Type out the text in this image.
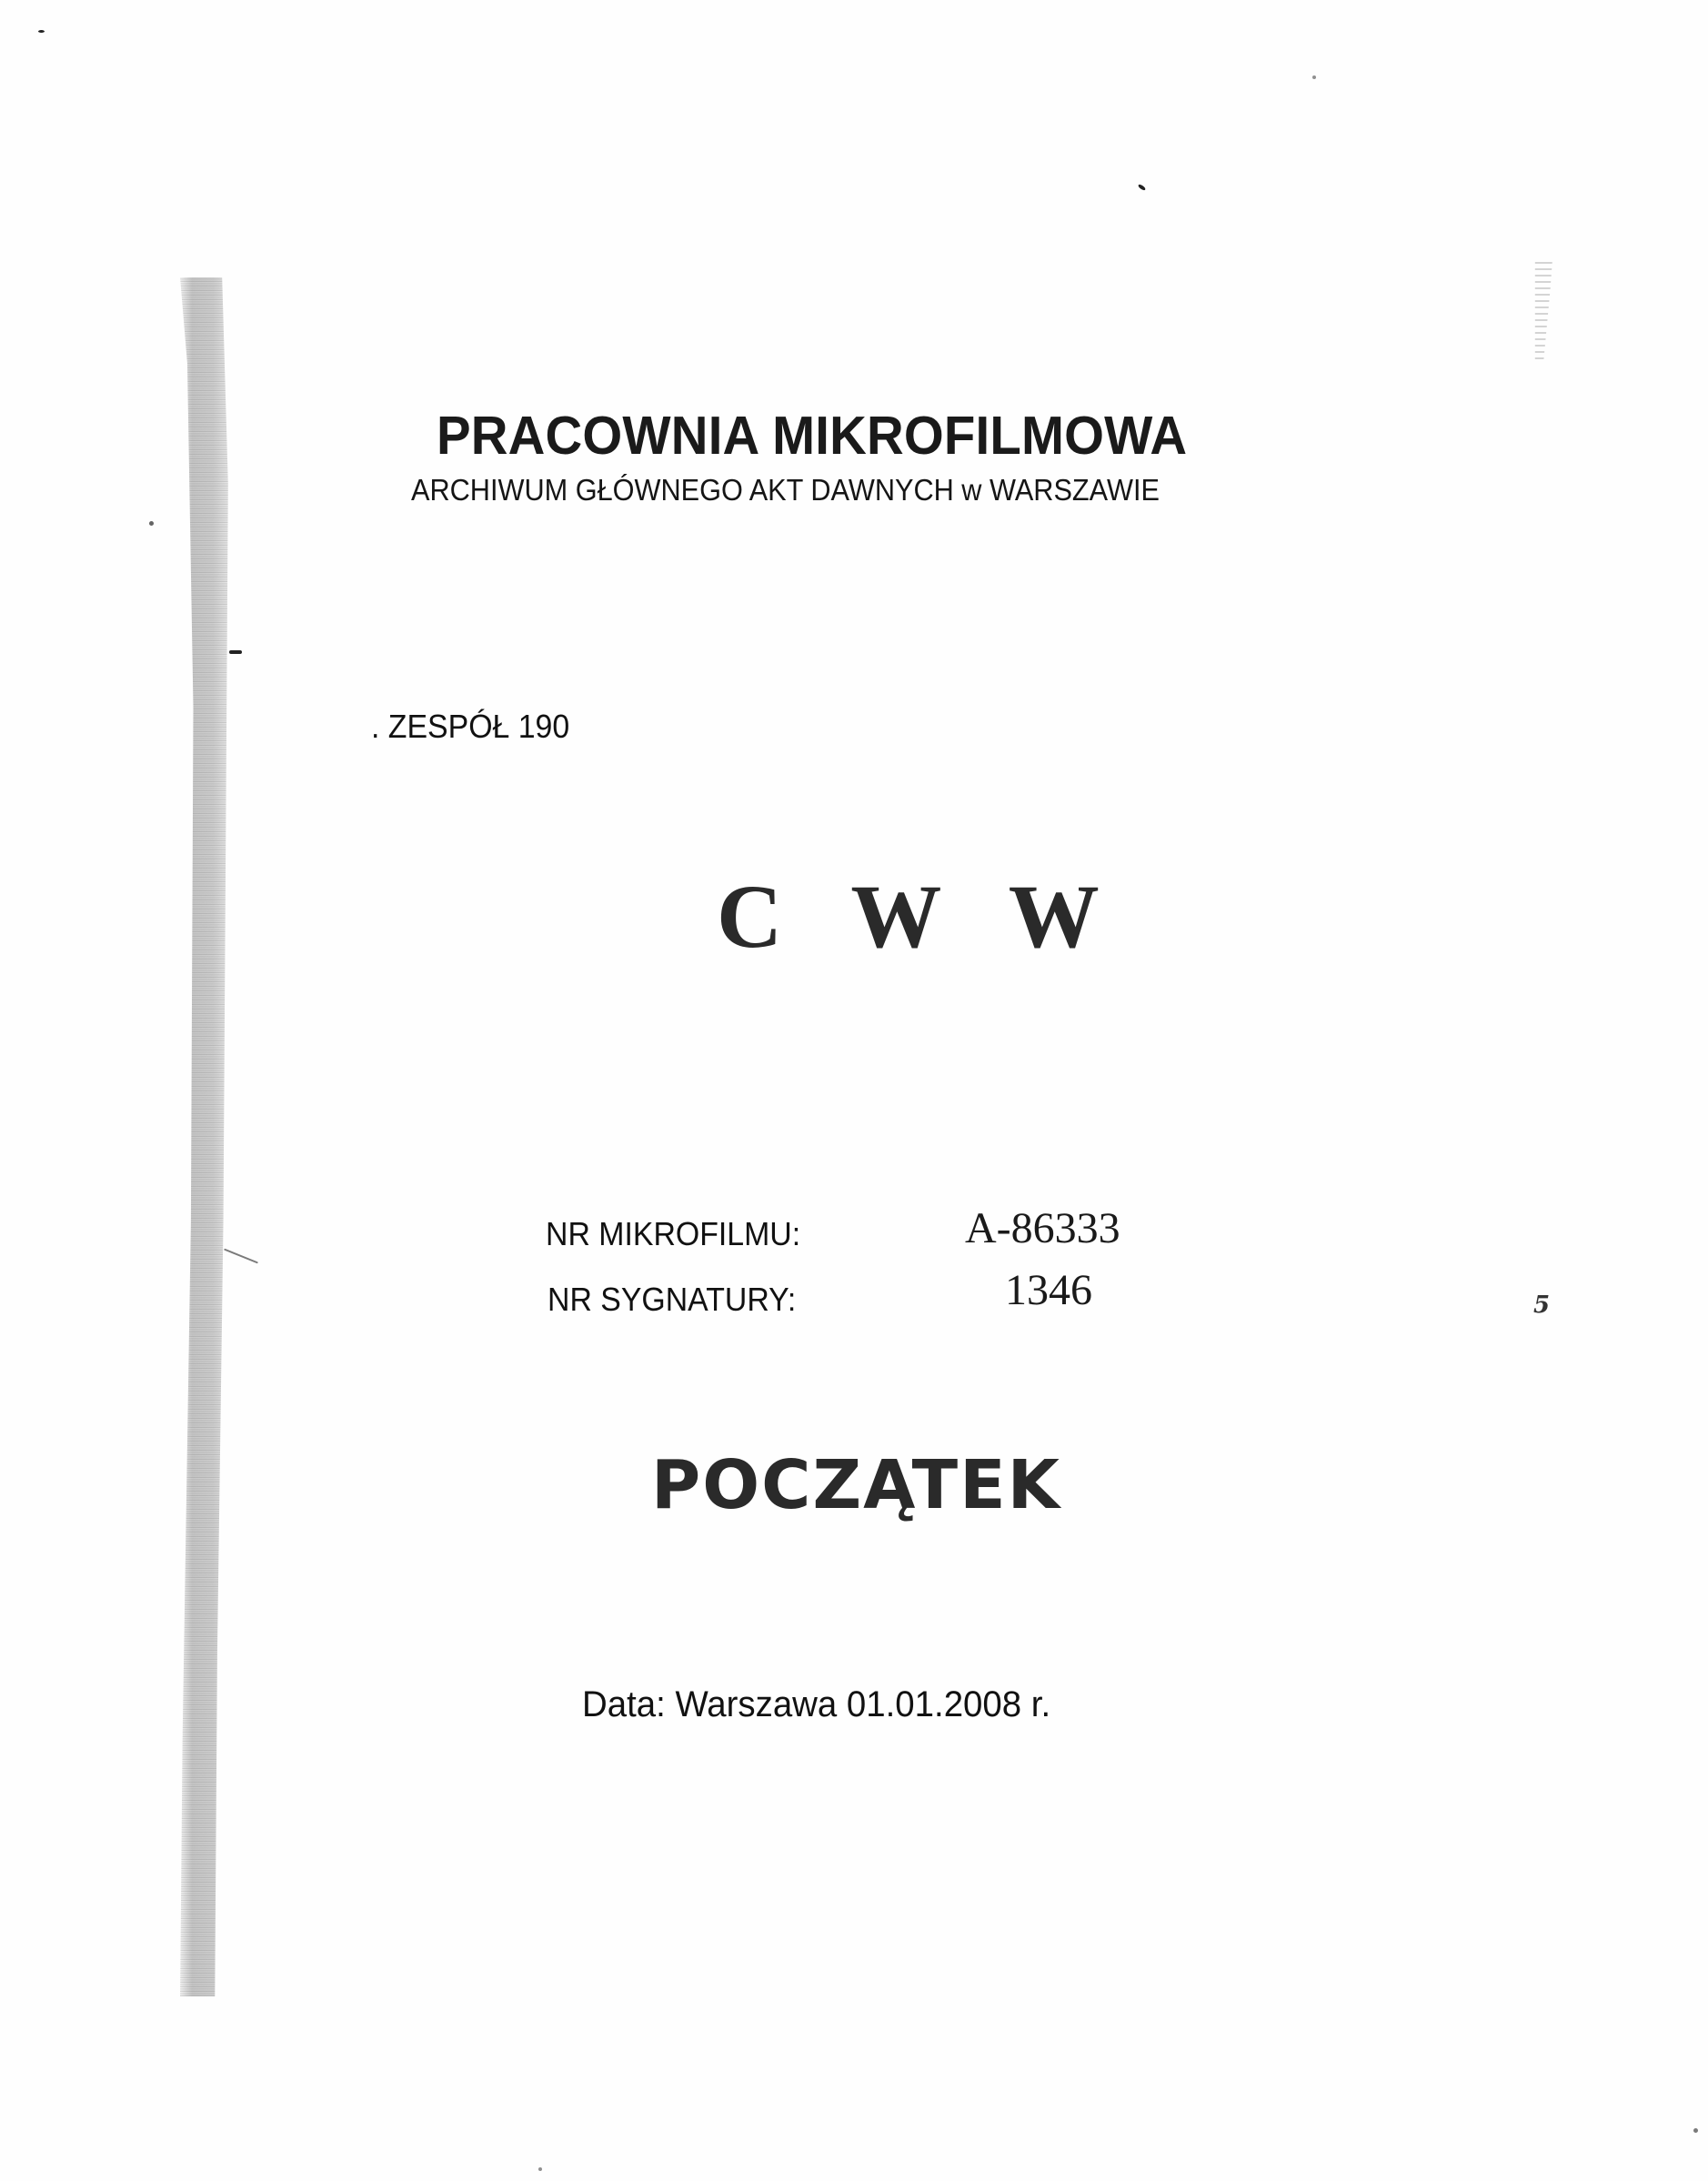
PRACOWNIA MIKROFILMOWA
ARCHIWUM GŁÓWNEGO AKT DAWNYCH w WARSZAWIE
. ZESPÓŁ 190
C W W
NR MIKROFILMU:	A-86333
NR SYGNATURY:	1346
POCZĄTEK
Data: Warszawa 01.01.2008 r.
5
